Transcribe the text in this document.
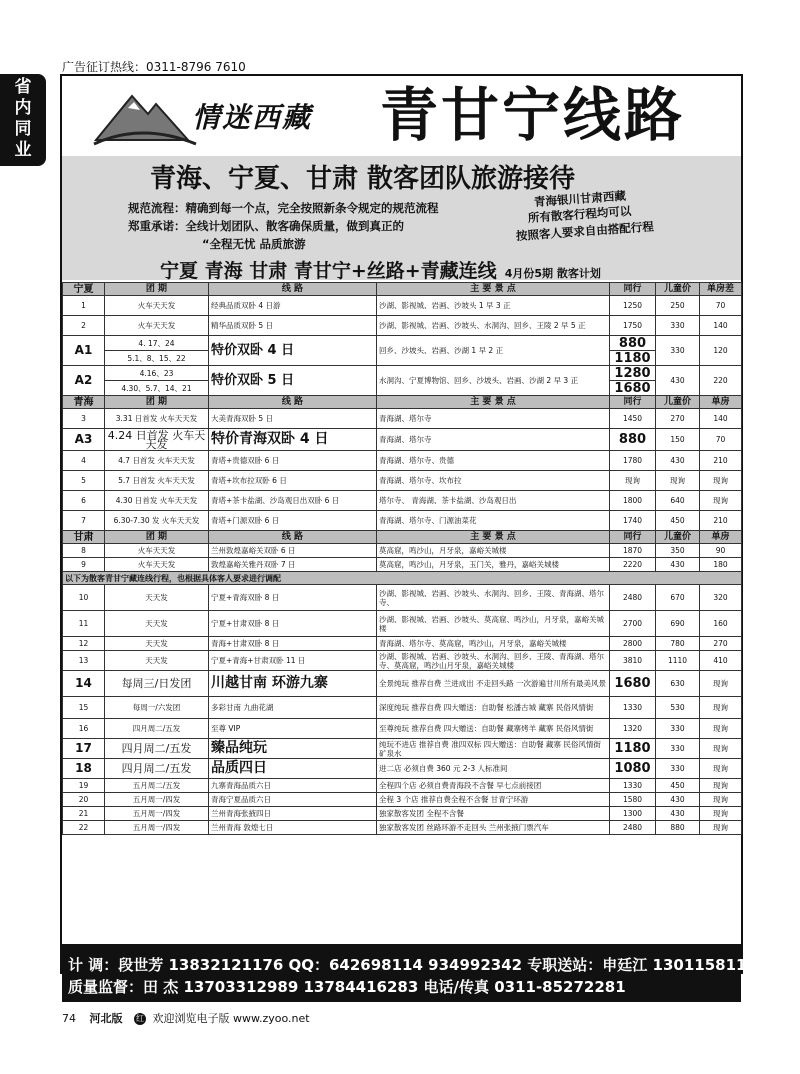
广告征订热线：0311-8796 7610
省
内
同
业
情迷西藏 青甘宁线路
青海、宁夏、甘肃 散客团队旅游接待
规范流程：精确到每一个点，完全按照新条令规定的规范流程
郑重承诺：全线计划团队、散客确保质量，做到真正的
“全程无忧 品质旅游
青海银川甘肃西藏
所有散客行程均可以
按照客人要求自由搭配行程
宁夏 青海 甘肃 青甘宁+丝路+青藏连线 4月份5期 散客计划
宁夏	团 期	线 路	主 要 景 点	同行	儿童价	单房差
1	火车天天发	经典品质双卧 4 日游	沙湖、影视城、岩画、沙坡头 1 早 3 正	1250	250	70
2	火车天天发	精华品质双卧 5 日	沙湖、影视城、岩画、沙坡头、水洞沟、回乡、王陵 2 早 5 正	1750	330	140
A1	4. 17、24	特价双卧 4 日	回乡、沙坡头、岩画、沙湖 1 早 2 正	880	330	120
	5.1、8、15、22			1180		
A2	4.16、23	特价双卧 5 日	水洞沟、宁夏博物馆、回乡、沙坡头、岩画、沙湖 2 早 3 正	1280	430	220
	4.30、5.7、14、21			1680		
青海	团 期	线 路	主 要 景 点	同行	儿童价	单房
3	3.31 日首发 火车天天发	大美青海双卧 5 日	青海湖、塔尔寺	1450	270	140
A3	4.24 日首发 火车天天发	特价青海双卧 4 日	青海湖、塔尔寺	880	150	70
4	4.7 日首发 火车天天发	青塔+贵德双卧 6 日	青海湖、塔尔寺、贵德	1780	430	210
5	5.7 日首发 火车天天发	青塔+坎布拉双卧 6 日	青海湖、塔尔寺、坎布拉	现询	现询	现询
6	4.30 日首发 火车天天发	青塔+茶卡盐湖、沙岛观日出双卧 6 日	塔尔寺、 青海湖、茶卡盐湖、沙岛观日出	1800	640	现询
7	6.30-7.30 发 火车天天发	青塔+门源双卧 6 日	青海湖、塔尔寺、门源油菜花	1740	450	210
甘肃	团 期	线 路	主 要 景 点	同行	儿童价	单房
8	火车天天发	兰州敦煌嘉峪关双卧 6 日	莫高窟，鸣沙山，月牙泉，嘉峪关城楼	1870	350	90
9	火车天天发	敦煌嘉峪关雅丹双卧 7 日	莫高窟，鸣沙山，月牙泉，玉门关，雅丹，嘉峪关城楼	2220	430	180
以下为散客青甘宁藏连线行程，也根据具体客人要求进行调配						
10	天天发	宁夏+青海双卧 8 日	沙湖、影视城、岩画、沙坡头、水洞沟、回乡、王陵、青海湖、塔尔寺、	2480	670	320
11	天天发	宁夏+甘肃双卧 8 日	沙湖、影视城、岩画、沙坡头、莫高窟、鸣沙山，月牙泉，嘉峪关城楼	2700	690	160
12	天天发	青海+甘肃双卧 8 日	青海湖、塔尔寺、莫高窟，鸣沙山，月牙泉，嘉峪关城楼	2800	780	270
13	天天发	宁夏+青海+甘肃双卧 11 日	沙湖、影视城、岩画、沙坡头、水洞沟、回乡、王陵、青海湖、塔尔寺、莫高窟，鸣沙山月牙泉，嘉峪关城楼	3810	1110	410
14	每周三/日发团	川越甘南 环游九寨	全景纯玩 推荐自费 兰进成出 不走回头路 一次游遍甘川所有最美风景	1680	630	现询
15	每周一/六发团	多彩甘南 九曲花湖	深度纯玩 推荐自费 四大赠送：自助餐 松潘古城 藏寨 民俗风情街	1330	530	现询
16	四月周二/五发	至尊 VIP	至尊纯玩 推荐自费 四大赠送：自助餐 藏寨烤羊 藏寨 民俗风情街	1320	330	现询
17	四月周二/五发	臻品纯玩	纯玩不进店 推荐自费 准四双标 四大赠送：自助餐 藏寨 民俗风情街 矿泉水	1180	330	现询
18	四月周二/五发	品质四日	进二店 必须自费 360 元 2-3 人标准间	1080	330	现询
19	五月周二/五发	九寨青海品质六日	全程四个店 必须自费青海段不含餐 早七点前接团	1330	450	现询
20	五月周一/四发	青海宁夏品质六日	全程 3 个店 推荐自费全程不含餐 甘青宁环游	1580	430	现询
21	五月周一/四发	兰州青海张掖四日	独家散客发团 全程不含餐	1300	430	现询
22	五月周一/四发	兰州青海 敦煌七日	独家散客发团 丝路环游不走回头 兰州张掖门票汽车	2480	880	现询
计 调：段世芳 13832121176 QQ：642698114 934992342 专职送站：申廷江 13011581109
质量监督：田 杰 13703312989 13784416283 电话/传真 0311-85272281
74 河北版 红 欢迎浏览电子版 www.zyoo.net
